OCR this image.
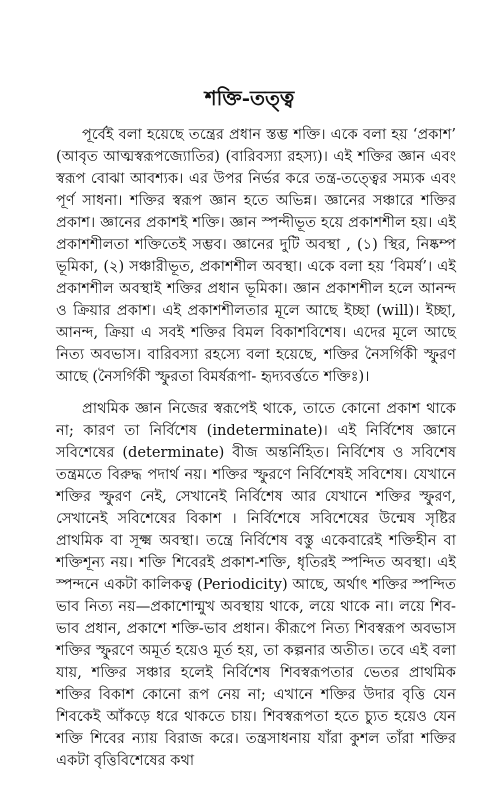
শক্তি-তত্ত্ব

পূর্বেই বলা হয়েছে তন্ত্রের প্রধান স্তম্ভ শক্তি। একে বলা হয় ‘প্রকাশ’ (আবৃত আত্মস্বরূপজ্যোতির) (বারিবস্যা রহস্য)। এই শক্তির জ্ঞান এবং স্বরূপ বোঝা আবশ্যক। এর উপর নির্ভর করে তন্ত্র-তত্ত্বের সম্যক এবং পূর্ণ সাধনা। শক্তির স্বরূপ জ্ঞান হতে অভিন্ন। জ্ঞানের সঞ্চারে শক্তির প্রকাশ। জ্ঞানের প্রকাশই শক্তি। জ্ঞান স্পন্দীভূত হয়ে প্রকাশশীল হয়। এই প্রকাশশীলতা শক্তিতেই সম্ভব। জ্ঞানের দুটি অবস্থা , (১) স্থির, নিষ্কম্প ভূমিকা, (২) সঞ্চারীভূত, প্রকাশশীল অবস্থা। একে বলা হয় ‘বিমর্ষ’। এই প্রকাশশীল অবস্থাই শক্তির প্রধান ভূমিকা। জ্ঞান প্রকাশশীল হলে আনন্দ ও ক্রিয়ার প্রকাশ। এই প্রকাশশীলতার মূলে আছে ইচ্ছা (will)। ইচ্ছা, আনন্দ, ক্রিয়া এ সবই শক্তির বিমল বিকাশবিশেষ। এদের মূলে আছে নিত্য অবভাস। বারিবস্যা রহস্যে বলা হয়েছে, শক্তির নৈসর্গিকী স্ফুরণ আছে (নৈসর্গিকী স্ফুরতা বিমর্ষরূপা- হৃদ্যবর্ত্ততে শক্তিঃ)।

প্রাথমিক জ্ঞান নিজের স্বরূপেই থাকে, তাতে কোনো প্রকাশ থাকে না; কারণ তা নির্বিশেষ (indeterminate)। এই নির্বিশেষ জ্ঞানে সবিশেষের (determinate) বীজ অন্তর্নিহিত। নির্বিশেষ ও সবিশেষ তন্ত্রমতে বিরুদ্ধ পদার্থ নয়। শক্তির স্ফুরণে নির্বিশেষই সবিশেষ। যেখানে শক্তির স্ফুরণ নেই, সেখানেই নির্বিশেষ আর যেখানে শক্তির স্ফুরণ, সেখানেই সবিশেষের বিকাশ । নির্বিশেষে সবিশেষের উন্মেষ সৃষ্টির প্রাথমিক বা সূক্ষ্ম অবস্থা। তন্ত্রে নির্বিশেষ বস্তু একেবারেই শক্তিহীন বা শক্তিশূন্য নয়। শক্তি শিবেরই প্রকাশ-শক্তি, ধৃতিরই স্পন্দিত অবস্থা। এই স্পন্দনে একটা কালিকত্ব (Periodicity) আছে, অর্থাৎ শক্তির স্পন্দিত ভাব নিত্য নয়—প্রকাশোন্মুখ অবস্থায় থাকে, লয়ে থাকে না। লয়ে শিব-ভাব প্রধান, প্রকাশে শক্তি-ভাব প্রধান। কীরূপে নিত্য শিবস্বরূপ অবভাস শক্তির স্ফুরণে অমূর্ত হয়েও মূর্ত হয়, তা কল্পনার অতীত। তবে এই বলা যায়, শক্তির সঞ্চার হলেই নির্বিশেষ শিবস্বরূপতার ভেতর প্রাথমিক শক্তির বিকাশ কোনো রূপ নেয় না; এখানে শক্তির উদার বৃত্তি যেন শিবকেই আঁকড়ে ধরে থাকতে চায়। শিবস্বরূপতা হতে চ্যুত হয়েও যেন শক্তি শিবের ন্যায় বিরাজ করে। তন্ত্রসাধনায় যাঁরা কুশল তাঁরা শক্তির একটা বৃত্তিবিশেষের কথা
